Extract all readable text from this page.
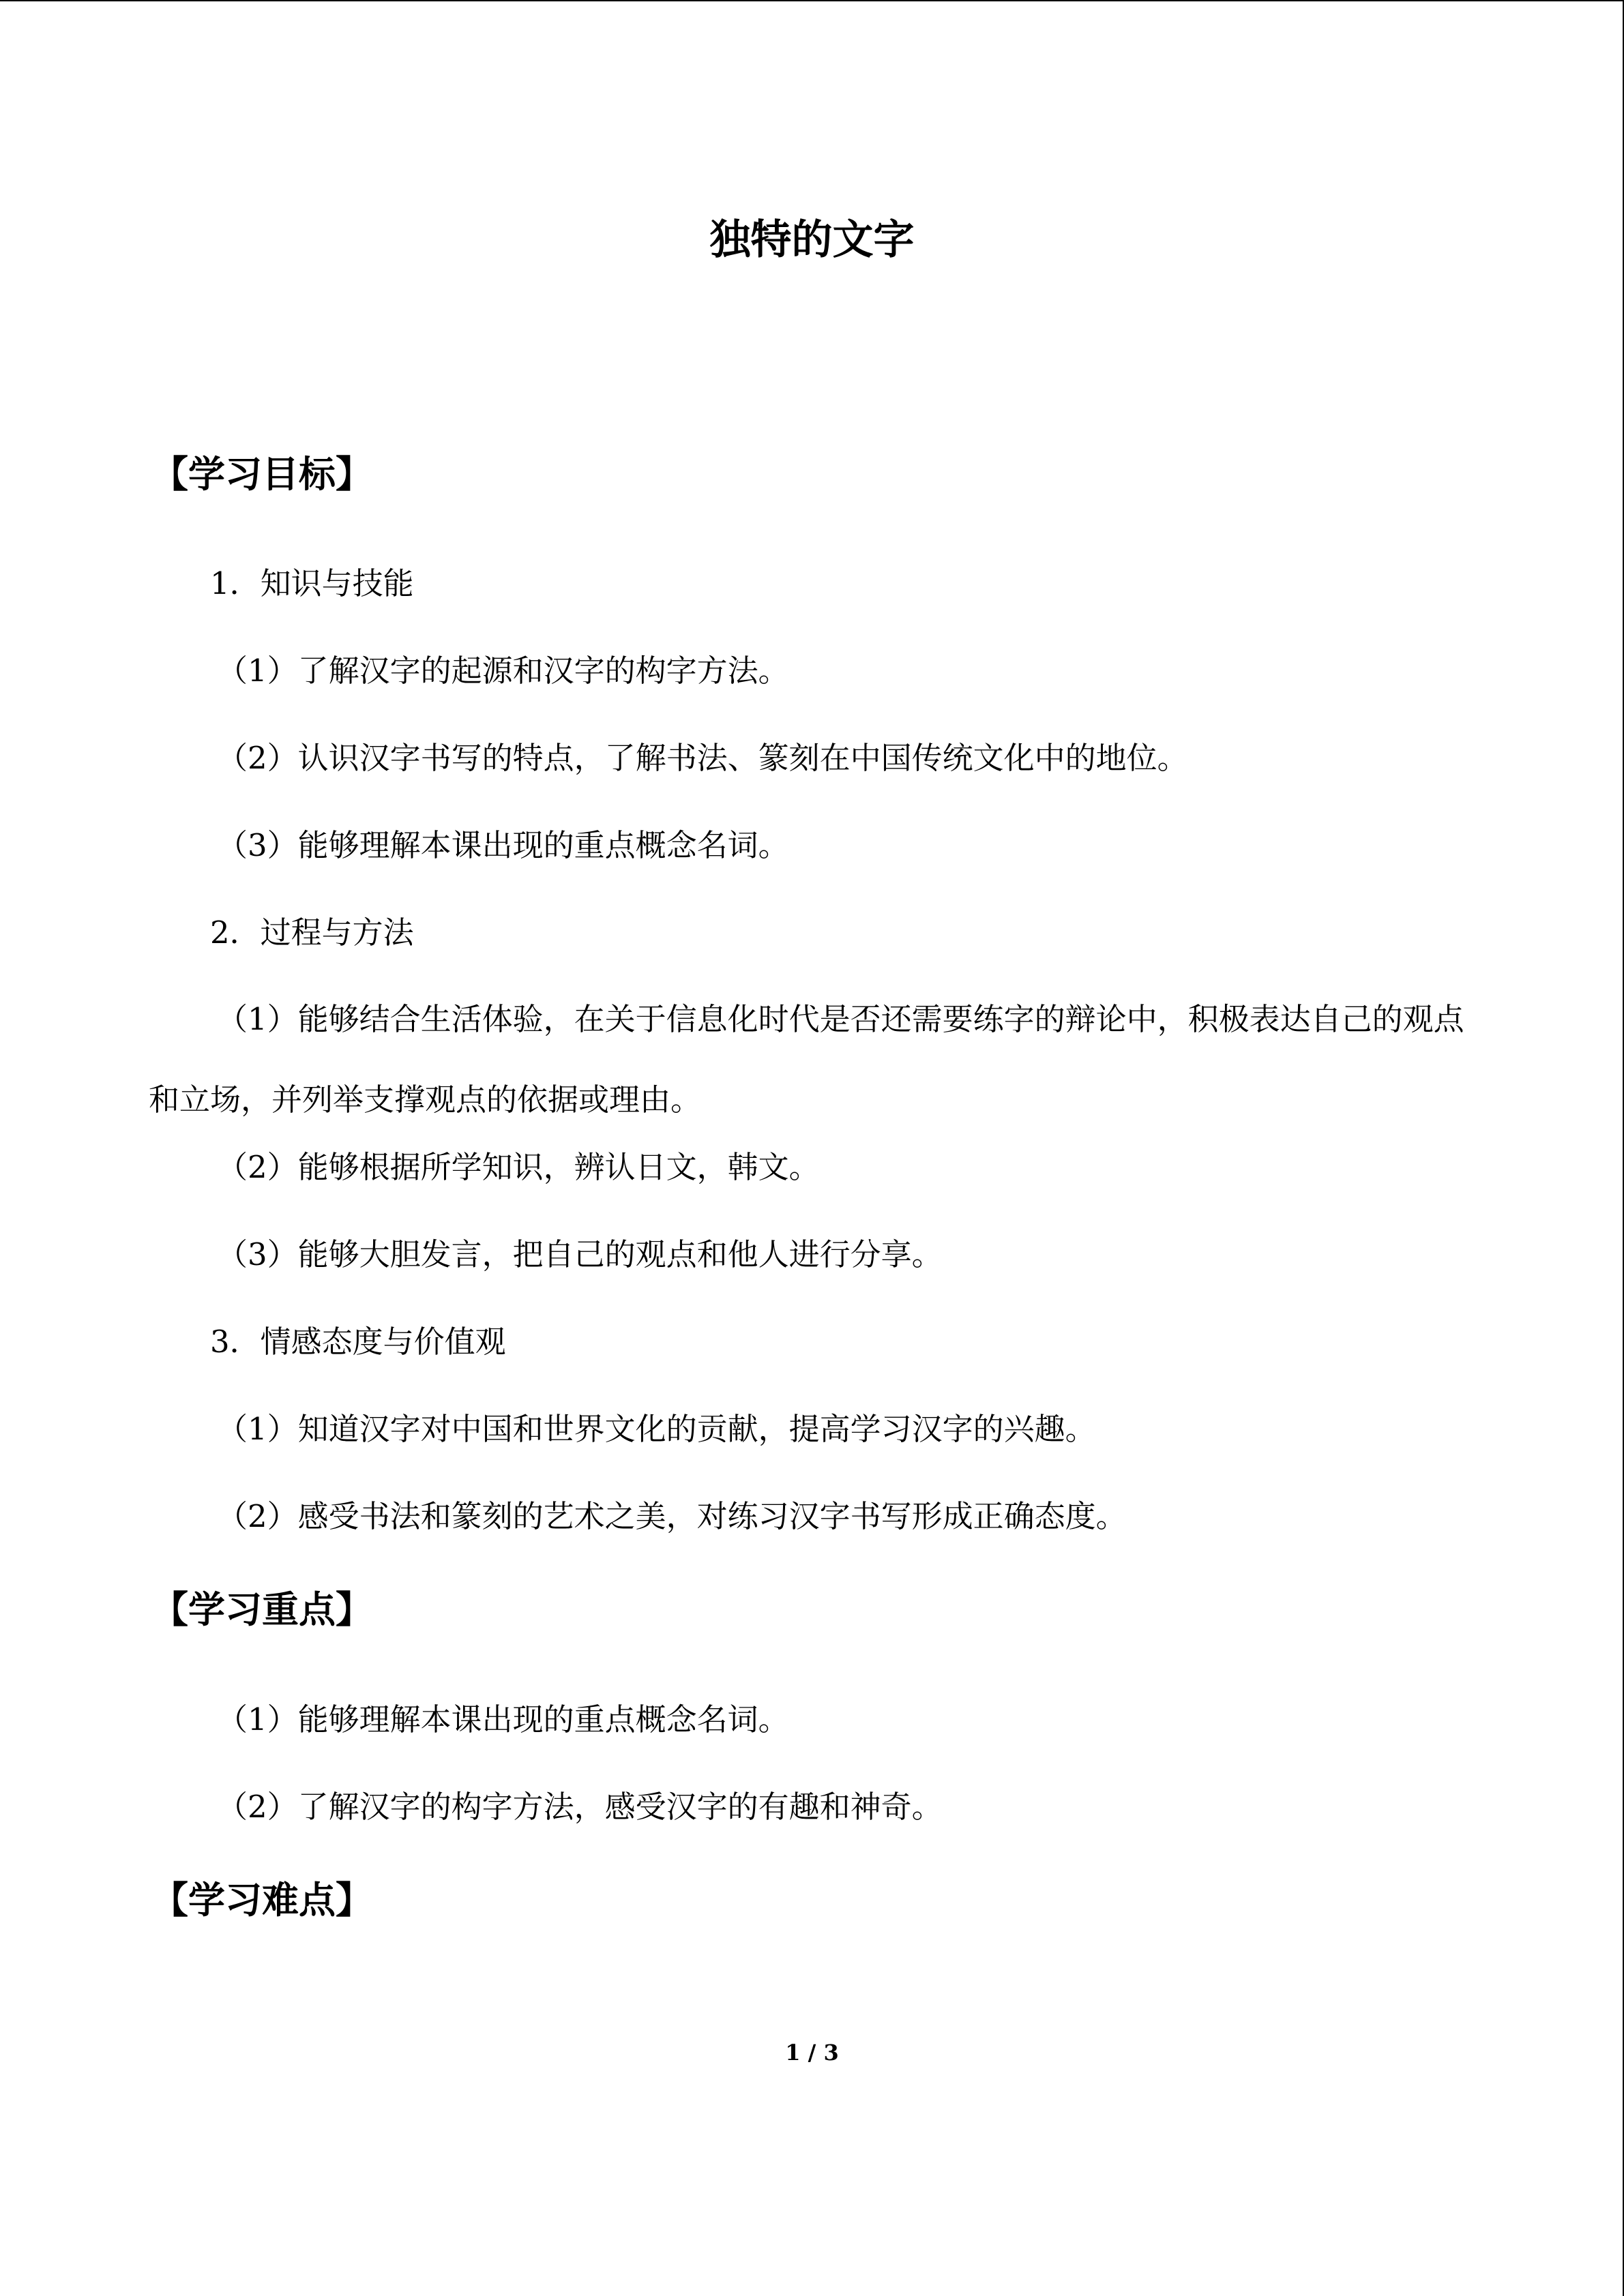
独特的文字
【学习目标】
1．知识与技能
（1）了解汉字的起源和汉字的构字方法。
（2）认识汉字书写的特点，了解书法、篆刻在中国传统文化中的地位。
（3）能够理解本课出现的重点概念名词。
2．过程与方法
（1）能够结合生活体验，在关于信息化时代是否还需要练字的辩论中，积极表达自己的观点和立场，并列举支撑观点的依据或理由。
（2）能够根据所学知识，辨认日文，韩文。
（3）能够大胆发言，把自己的观点和他人进行分享。
3．情感态度与价值观
（1）知道汉字对中国和世界文化的贡献，提高学习汉字的兴趣。
（2）感受书法和篆刻的艺术之美，对练习汉字书写形成正确态度。
【学习重点】
（1）能够理解本课出现的重点概念名词。
（2）了解汉字的构字方法，感受汉字的有趣和神奇。
【学习难点】
1 / 3
